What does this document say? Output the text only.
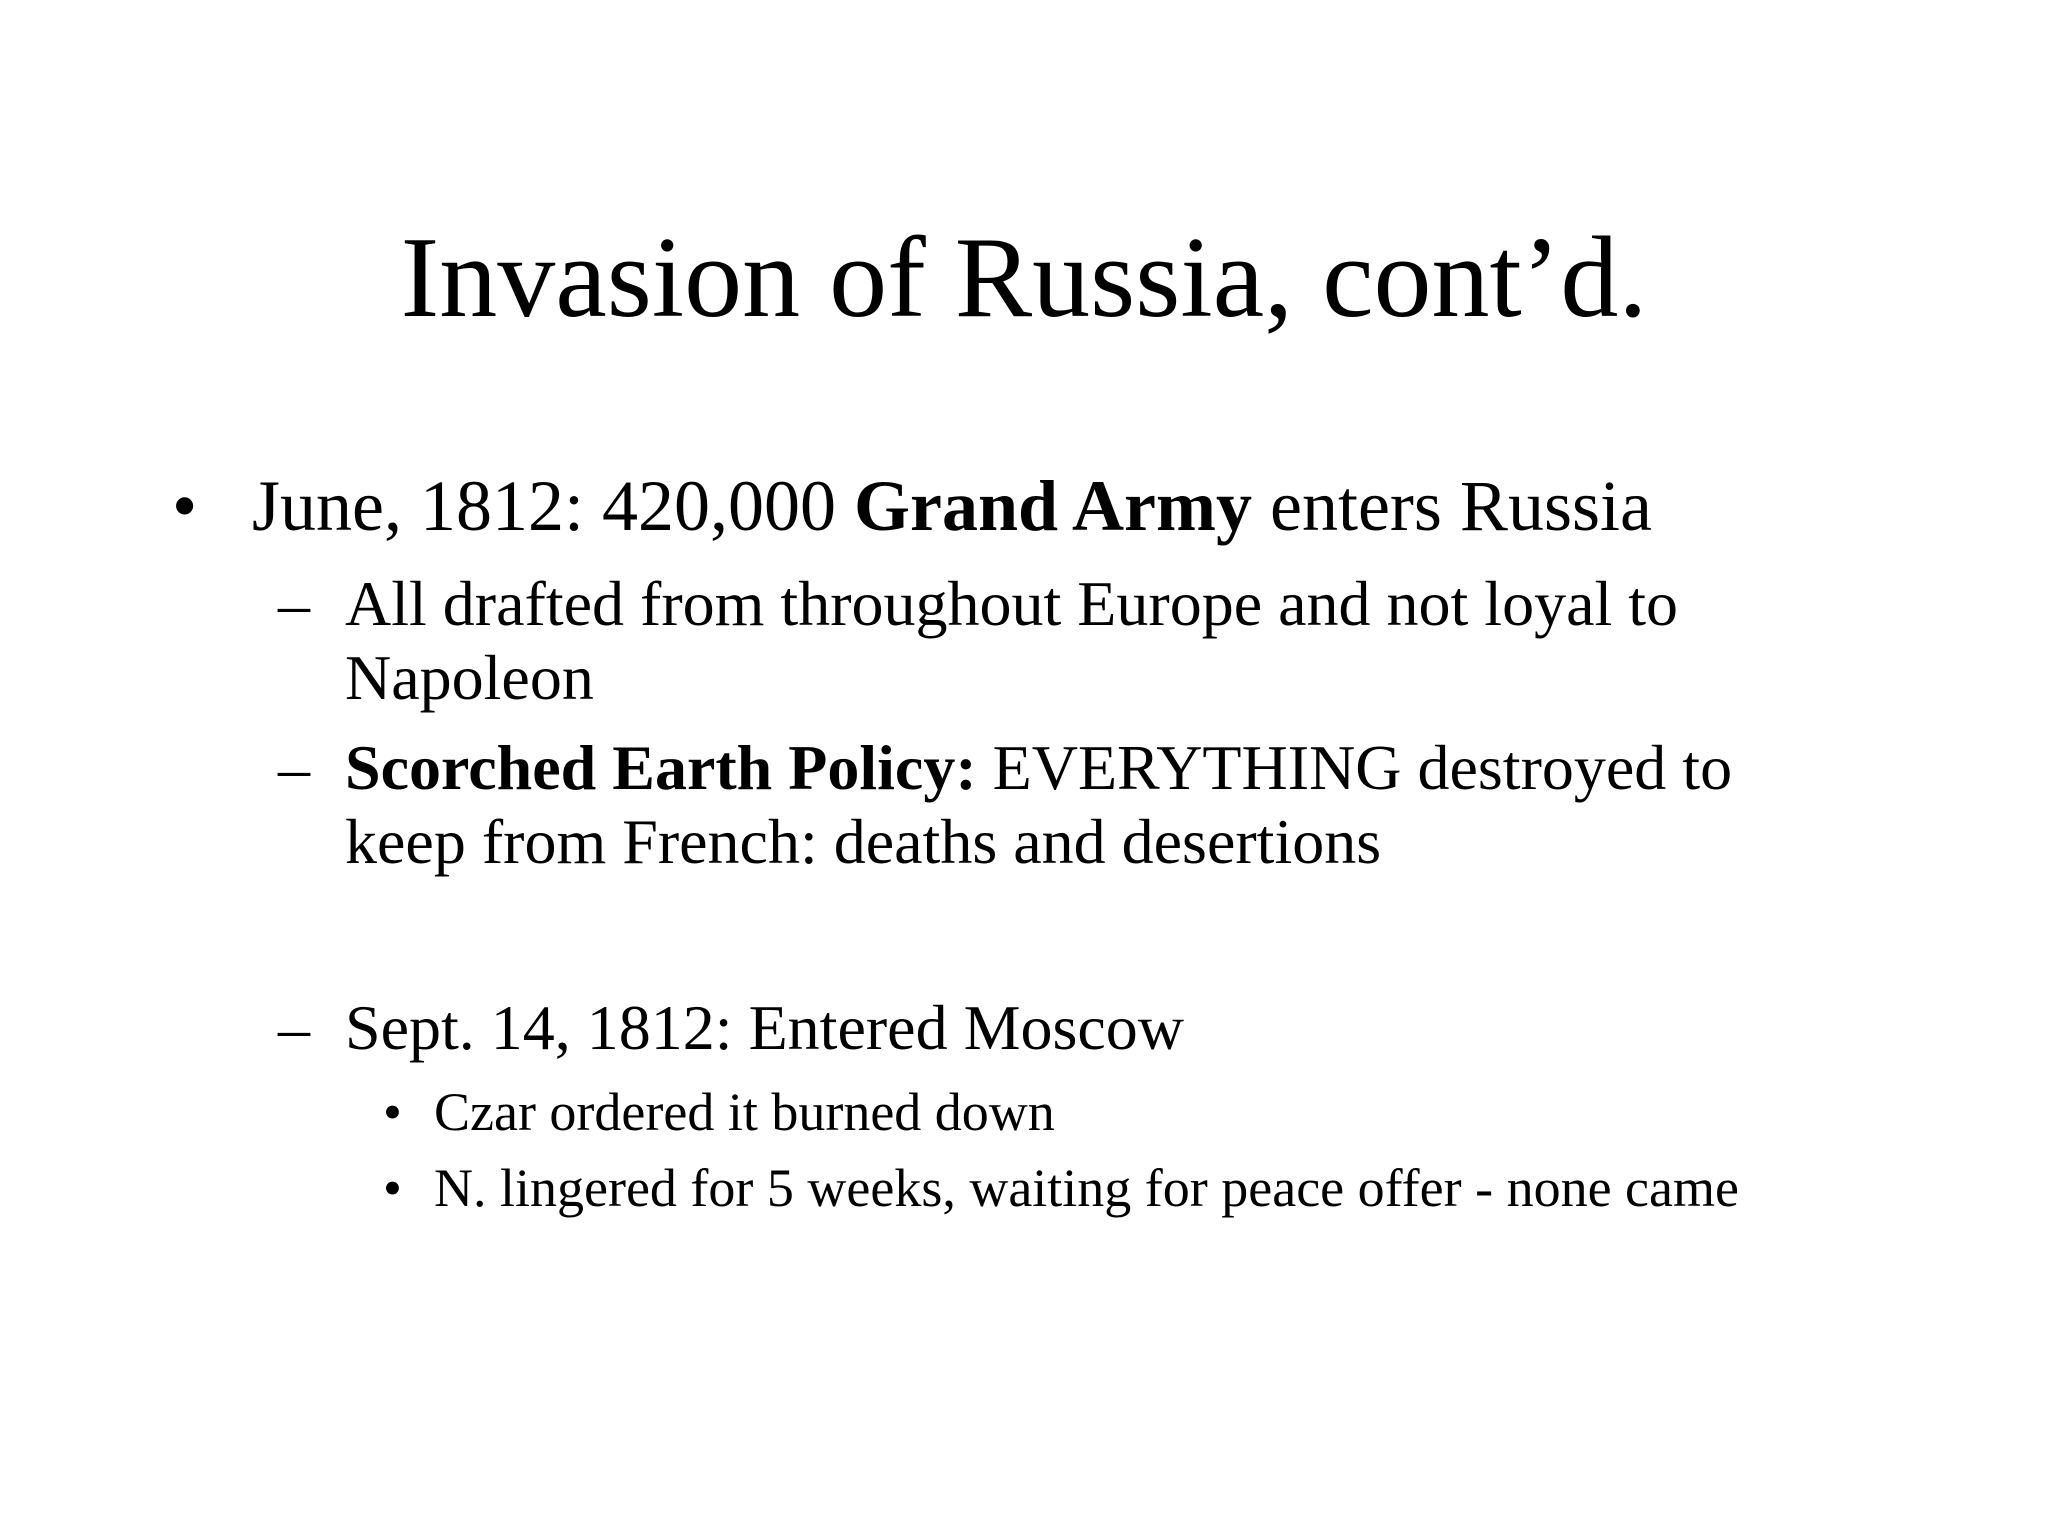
Invasion of Russia, cont’d.
• June, 1812: 420,000 Grand Army enters Russia
– All drafted from throughout Europe and not loyal to
Napoleon
– Scorched Earth Policy: EVERYTHING destroyed to
keep from French: deaths and desertions
– Sept. 14, 1812: Entered Moscow
• Czar ordered it burned down
• N. lingered for 5 weeks, waiting for peace offer - none came
